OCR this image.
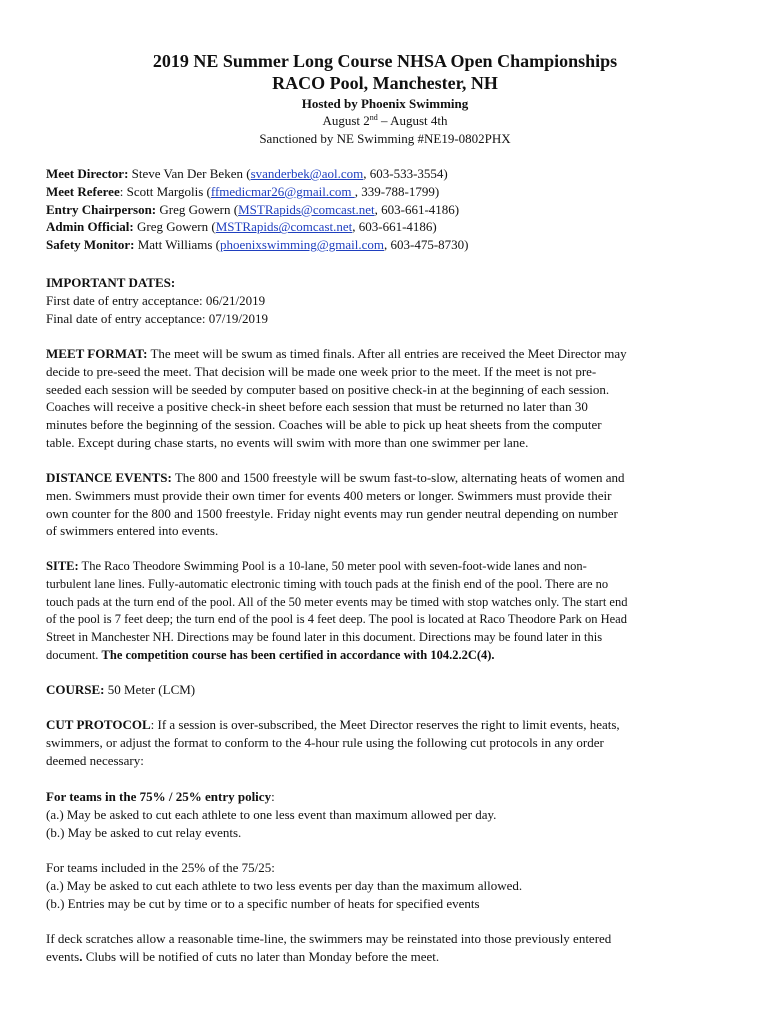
2019 NE Summer Long Course NHSA Open Championships
RACO Pool, Manchester, NH
Hosted by Phoenix Swimming
August 2nd – August 4th
Sanctioned by NE Swimming #NE19-0802PHX
Meet Director: Steve Van Der Beken (svanderbek@aol.com, 603-533-3554)
Meet Referee: Scott Margolis (ffmedicmar26@gmail.com , 339-788-1799)
Entry Chairperson: Greg Gowern (MSTRapids@comcast.net, 603-661-4186)
Admin Official: Greg Gowern (MSTRapids@comcast.net, 603-661-4186)
Safety Monitor: Matt Williams (phoenixswimming@gmail.com, 603-475-8730)
IMPORTANT DATES:
First date of entry acceptance: 06/21/2019
Final date of entry acceptance: 07/19/2019
MEET FORMAT: The meet will be swum as timed finals. After all entries are received the Meet Director may
decide to pre-seed the meet. That decision will be made one week prior to the meet. If the meet is not pre-
seeded each session will be seeded by computer based on positive check-in at the beginning of each session.
Coaches will receive a positive check-in sheet before each session that must be returned no later than 30
minutes before the beginning of the session. Coaches will be able to pick up heat sheets from the computer
table. Except during chase starts, no events will swim with more than one swimmer per lane.
DISTANCE EVENTS: The 800 and 1500 freestyle will be swum fast-to-slow, alternating heats of women and
men. Swimmers must provide their own timer for events 400 meters or longer. Swimmers must provide their
own counter for the 800 and 1500 freestyle. Friday night events may run gender neutral depending on number
of swimmers entered into events.
SITE: The Raco Theodore Swimming Pool is a 10-lane, 50 meter pool with seven-foot-wide lanes and non-
turbulent lane lines. Fully-automatic electronic timing with touch pads at the finish end of the pool. There are no
touch pads at the turn end of the pool. All of the 50 meter events may be timed with stop watches only. The start end
of the pool is 7 feet deep; the turn end of the pool is 4 feet deep. The pool is located at Raco Theodore Park on Head
Street in Manchester NH. Directions may be found later in this document. Directions may be found later in this
document. The competition course has been certified in accordance with 104.2.2C(4).
COURSE: 50 Meter (LCM)
CUT PROTOCOL: If a session is over-subscribed, the Meet Director reserves the right to limit events, heats,
swimmers, or adjust the format to conform to the 4-hour rule using the following cut protocols in any order
deemed necessary:
For teams in the 75% / 25% entry policy:
(a.) May be asked to cut each athlete to one less event than maximum allowed per day.
(b.) May be asked to cut relay events.
For teams included in the 25% of the 75/25:
(a.) May be asked to cut each athlete to two less events per day than the maximum allowed.
(b.) Entries may be cut by time or to a specific number of heats for specified events
If deck scratches allow a reasonable time-line, the swimmers may be reinstated into those previously entered
events. Clubs will be notified of cuts no later than Monday before the meet.
